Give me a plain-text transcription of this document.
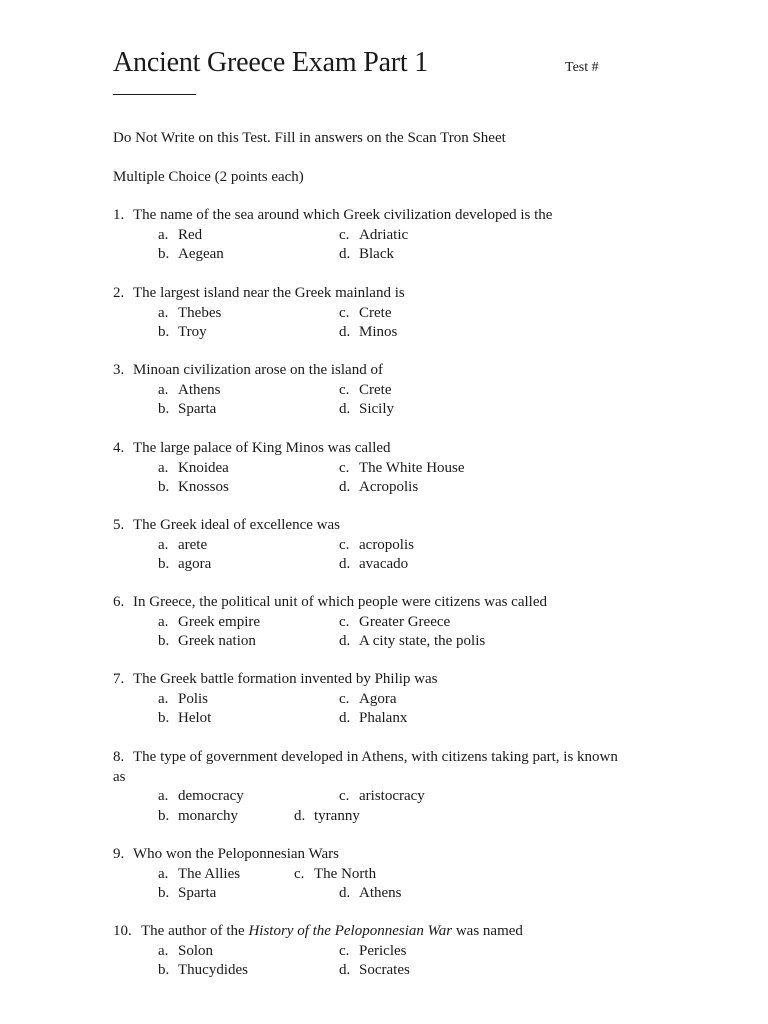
Ancient Greece Exam Part 1	Test #
Do Not Write on this Test. Fill in answers on the Scan Tron Sheet
Multiple Choice (2 points each)
1. The name of the sea around which Greek civilization developed is the
a. Red	c. Adriatic
b. Aegean	d. Black
2. The largest island near the Greek mainland is
a. Thebes	c. Crete
b. Troy	d. Minos
3. Minoan civilization arose on the island of
a. Athens	c. Crete
b. Sparta	d. Sicily
4. The large palace of King Minos was called
a. Knoidea	c. The White House
b. Knossos	d. Acropolis
5. The Greek ideal of excellence was
a. arete	c. acropolis
b. agora	d. avacado
6. In Greece, the political unit of which people were citizens was called
a. Greek empire	c. Greater Greece
b. Greek nation	d. A city state, the polis
7. The Greek battle formation invented by Philip was
a. Polis	c. Agora
b. Helot	d. Phalanx
8. The type of government developed in Athens, with citizens taking part, is known as
a. democracy	c. aristocracy
b. monarchy	d. tyranny
9. Who won the Peloponnesian Wars
a. The Allies	c. The North
b. Sparta	d. Athens
10. The author of the History of the Peloponnesian War was named
a. Solon	c. Pericles
b. Thucydides	d. Socrates
